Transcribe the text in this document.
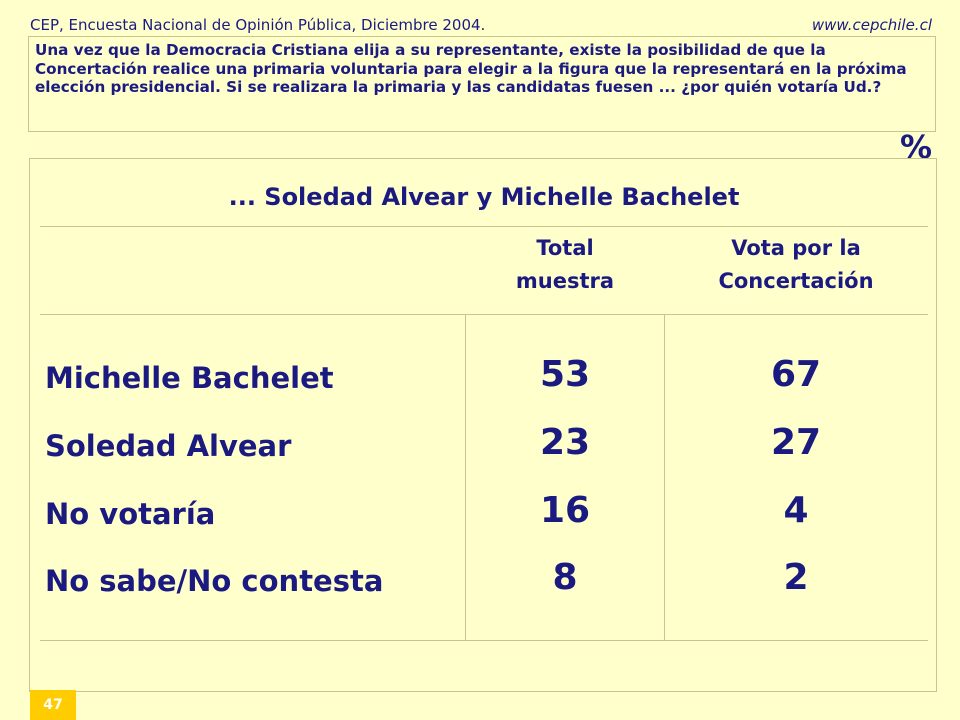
CEP, Encuesta Nacional de Opinión Pública, Diciembre 2004.	www.cepchile.cl
Una vez que la Democracia Cristiana elija a su representante, existe la posibilidad de que la Concertación realice una primaria voluntaria para elegir a la figura que la representará en la próxima elección presidencial. Si se realizara la primaria y las candidatas fuesen ... ¿por quién votaría Ud.?
%
... Soledad Alvear y Michelle Bachelet
Total
muestra
Vota por la
Concertación
Michelle Bachelet	53	67
Soledad Alvear	23	27
No votaría	16	4
No sabe/No contesta	8	2
47
